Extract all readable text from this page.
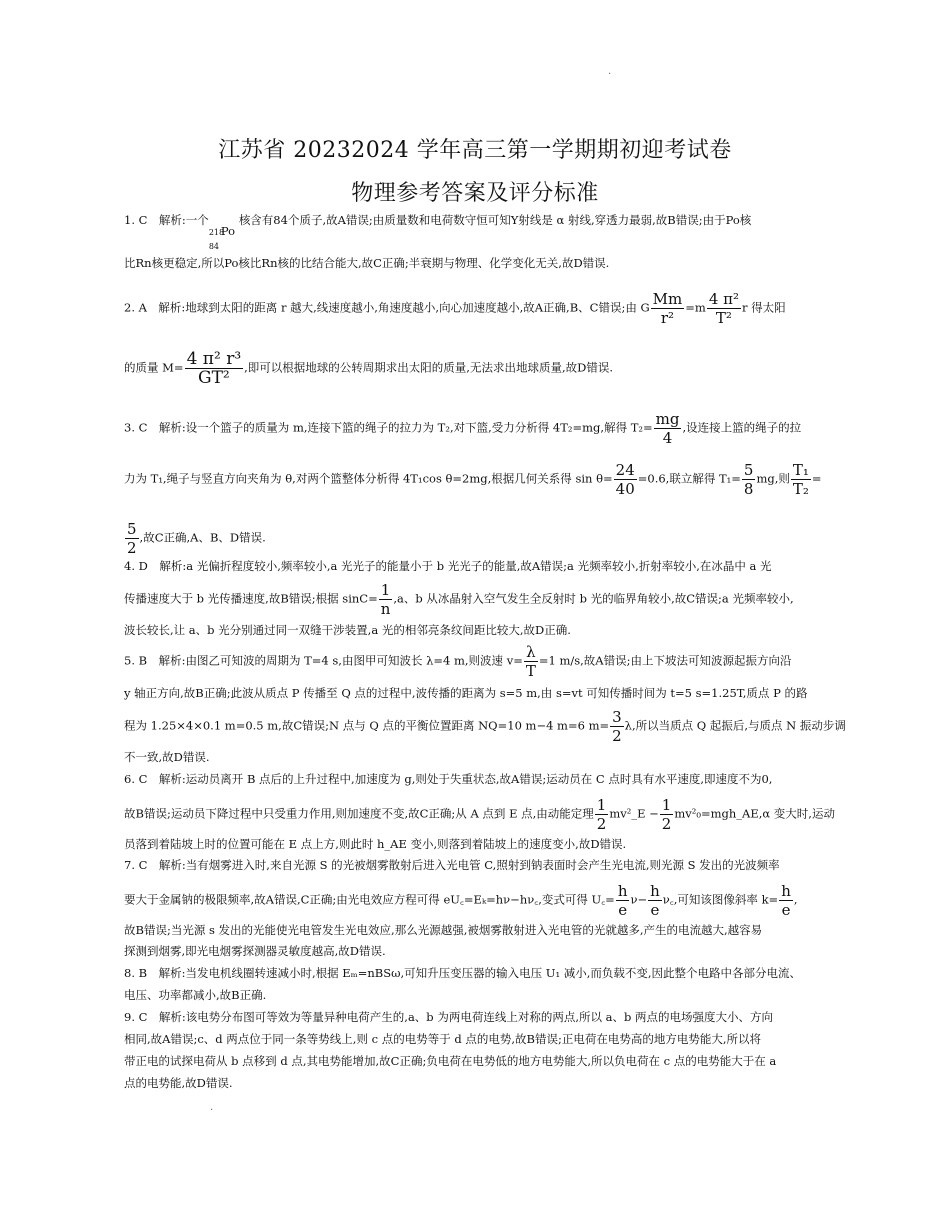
.
江苏省 20232024 学年高三第一学期期初迎考试卷
物理参考答案及评分标准
1. C　解析:一个
218
84
Po
核含有84个质子,故A错误;由质量数和电荷数守恒可知Y射线是 α 射线,穿透力最弱,故B错误;由于Po核
比Rn核更稳定,所以Po核比Rn核的比结合能大,故C正确;半衰期与物理、化学变化无关,故D错误.
2. A　解析:地球到太阳的距离 r 越大,线速度越小,角速度越小,向心加速度越小,故A正确,B、C错误;由 G $\frac{Mm}{\text{r²}} =m \frac{\text{4 π²}}{\text{T²}}$ r 得太阳
的质量 $M= \frac{\text{4 π² r³}}{\text{GT²}}$ ,即可以根据地球的公转周期求出太阳的质量,无法求出地球质量,故D错误.
3. C　解析:设一个篮子的质量为 m,连接下篮的绳子的拉力为 T₂,对下篮,受力分析得 4T₂=mg,解得 $T_2= \frac{mg}{4}$ ,设连接上篮的绳子的拉
力为 T₁,绳子与竖直方向夹角为 θ,对两个篮整体分析得 4T₁cos θ=2mg,根据几何关系得 $\sin \theta= \frac{24}{40} =0.6$,联立解得 $T_1= \frac{5}{8}$ mg,则 $\frac{\text{T₁}}{\text{T₂}}$ =
$\frac{5}{2}$ ,故C正确,A、B、D错误.
4. D　解析:a 光偏折程度较小,频率较小,a 光光子的能量小于 b 光光子的能量,故A错误;a 光频率较小,折射率较小,在冰晶中 a 光
传播速度大于 b 光传播速度,故B错误;根据 $\sin C= \frac{1}{n} ,a$、b 从冰晶射入空气发生全反射时 b 光的临界角较小,故C错误;a 光频率较小,
波长较长,让 a、b 光分别通过同一双缝干涉装置,a 光的相邻亮条纹间距比较大,故D正确.
5. B　解析:由图乙可知波的周期为 T=4 s,由图甲可知波长 λ=4 m,则波速 $v= \frac{\lambda}{T} =1$ m/s,故A错误;由上下坡法可知波源起振方向沿
y 轴正方向,故B正确;此波从质点 P 传播至 Q 点的过程中,波传播的距离为 s=5 m,由 s=vt 可知传播时间为 t=5 s=1.25T,质点 P 的路
程为 1.25×4×0.1 m=0.5 m,故C错误;N 点与 Q 点的平衡位置距离 NQ=10 m−4 m=6 $m= \frac{3}{2} \lambda$,所以当质点 Q 起振后,与质点 N 振动步调
不一致,故D错误.
6. C　解析:运动员离开 B 点后的上升过程中,加速度为 g,则处于失重状态,故A错误;运动员在 C 点时具有水平速度,即速度不为0,
故B错误;运动员下降过程中只受重力作用,则加速度不变,故C正确;从 A 点到 E 点,由动能定理 $\frac{1}{2}$ mv²_E − $\frac{1}{2}$ mv²₀=mgh_AE,α 变大时,运动
员落到着陆坡上时的位置可能在 E 点上方,则此时 h_AE 变小,则落到着陆坡上的速度变小,故D错误.
7. C　解析:当有烟雾进入时,来自光源 S 的光被烟雾散射后进入光电管 C,照射到钠表面时会产生光电流,则光源 S 发出的光波频率
要大于金属钠的极限频率,故A错误,C正确;由光电效应方程可得 eU꜀=Eₖ=hν−hν꜀,变式可得 U꜀= $\frac{h}{e} \nu- \frac{h}{e}$ ν꜀,可知该图像斜率 $k= \frac{h}{e}$ ,
故B错误;当光源 s 发出的光能使光电管发生光电效应,那么光源越强,被烟雾散射进入光电管的光就越多,产生的电流越大,越容易
探测到烟雾,即光电烟雾探测器灵敏度越高,故D错误.
8. B　解析:当发电机线圈转速减小时,根据 Eₘ=nBSω,可知升压变压器的输入电压 U₁ 减小,而负载不变,因此整个电路中各部分电流、
电压、功率都减小,故B正确.
9. C　解析:该电势分布图可等效为等量异种电荷产生的,a、b 为两电荷连线上对称的两点,所以 a、b 两点的电场强度大小、方向
相同,故A错误;c、d 两点位于同一条等势线上,则 c 点的电势等于 d 点的电势,故B错误;正电荷在电势高的地方电势能大,所以将
带正电的试探电荷从 b 点移到 d 点,其电势能增加,故C正确;负电荷在电势低的地方电势能大,所以负电荷在 c 点的电势能大于在 a
点的电势能,故D错误.
.
